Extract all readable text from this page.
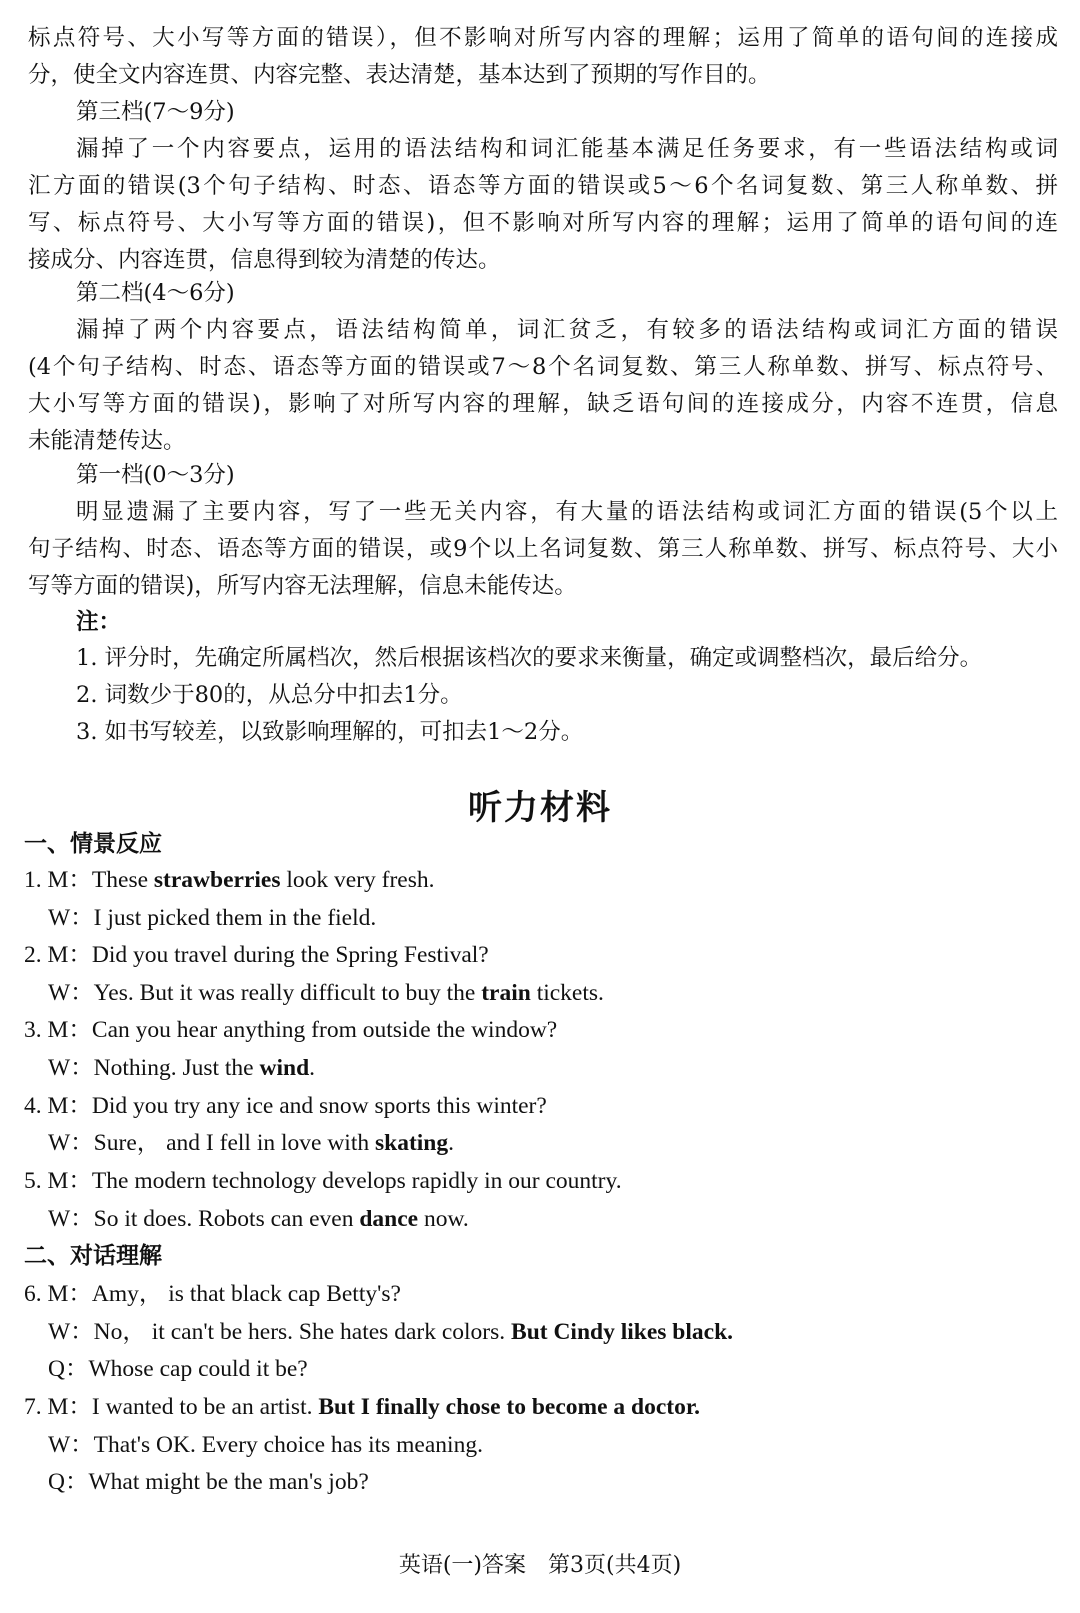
标点符号、大小写等方面的错误），但不影响对所写内容的理解；运用了简单的语句间的连接成
分，使全文内容连贯、内容完整、表达清楚，基本达到了预期的写作目的。
第三档(7～9分)
漏掉了一个内容要点，运用的语法结构和词汇能基本满足任务要求，有一些语法结构或词
汇方面的错误(3个句子结构、时态、语态等方面的错误或5～6个名词复数、第三人称单数、拼
写、标点符号、大小写等方面的错误)，但不影响对所写内容的理解；运用了简单的语句间的连
接成分、内容连贯，信息得到较为清楚的传达。
第二档(4～6分)
漏掉了两个内容要点，语法结构简单，词汇贫乏，有较多的语法结构或词汇方面的错误
(4个句子结构、时态、语态等方面的错误或7～8个名词复数、第三人称单数、拼写、标点符号、
大小写等方面的错误)，影响了对所写内容的理解，缺乏语句间的连接成分，内容不连贯，信息
未能清楚传达。
第一档(0～3分)
明显遗漏了主要内容，写了一些无关内容，有大量的语法结构或词汇方面的错误(5个以上
句子结构、时态、语态等方面的错误，或9个以上名词复数、第三人称单数、拼写、标点符号、大小
写等方面的错误)，所写内容无法理解，信息未能传达。
注：
1. 评分时，先确定所属档次，然后根据该档次的要求来衡量，确定或调整档次，最后给分。
2. 词数少于80的，从总分中扣去1分。
3. 如书写较差，以致影响理解的，可扣去1～2分。
听力材料
一、情景反应
1. M：These strawberries look very fresh.
W：I just picked them in the field.
2. M：Did you travel during the Spring Festival?
W：Yes. But it was really difficult to buy the train tickets.
3. M：Can you hear anything from outside the window?
W：Nothing. Just the wind.
4. M：Did you try any ice and snow sports this winter?
W：Sure， and I fell in love with skating.
5. M：The modern technology develops rapidly in our country.
W：So it does. Robots can even dance now.
二、对话理解
6. M：Amy， is that black cap Betty's?
W：No， it can't be hers. She hates dark colors. But Cindy likes black.
Q：Whose cap could it be?
7. M：I wanted to be an artist. But I finally chose to become a doctor.
W：That's OK. Every choice has its meaning.
Q：What might be the man's job?
英语(一)答案　第3页(共4页)
